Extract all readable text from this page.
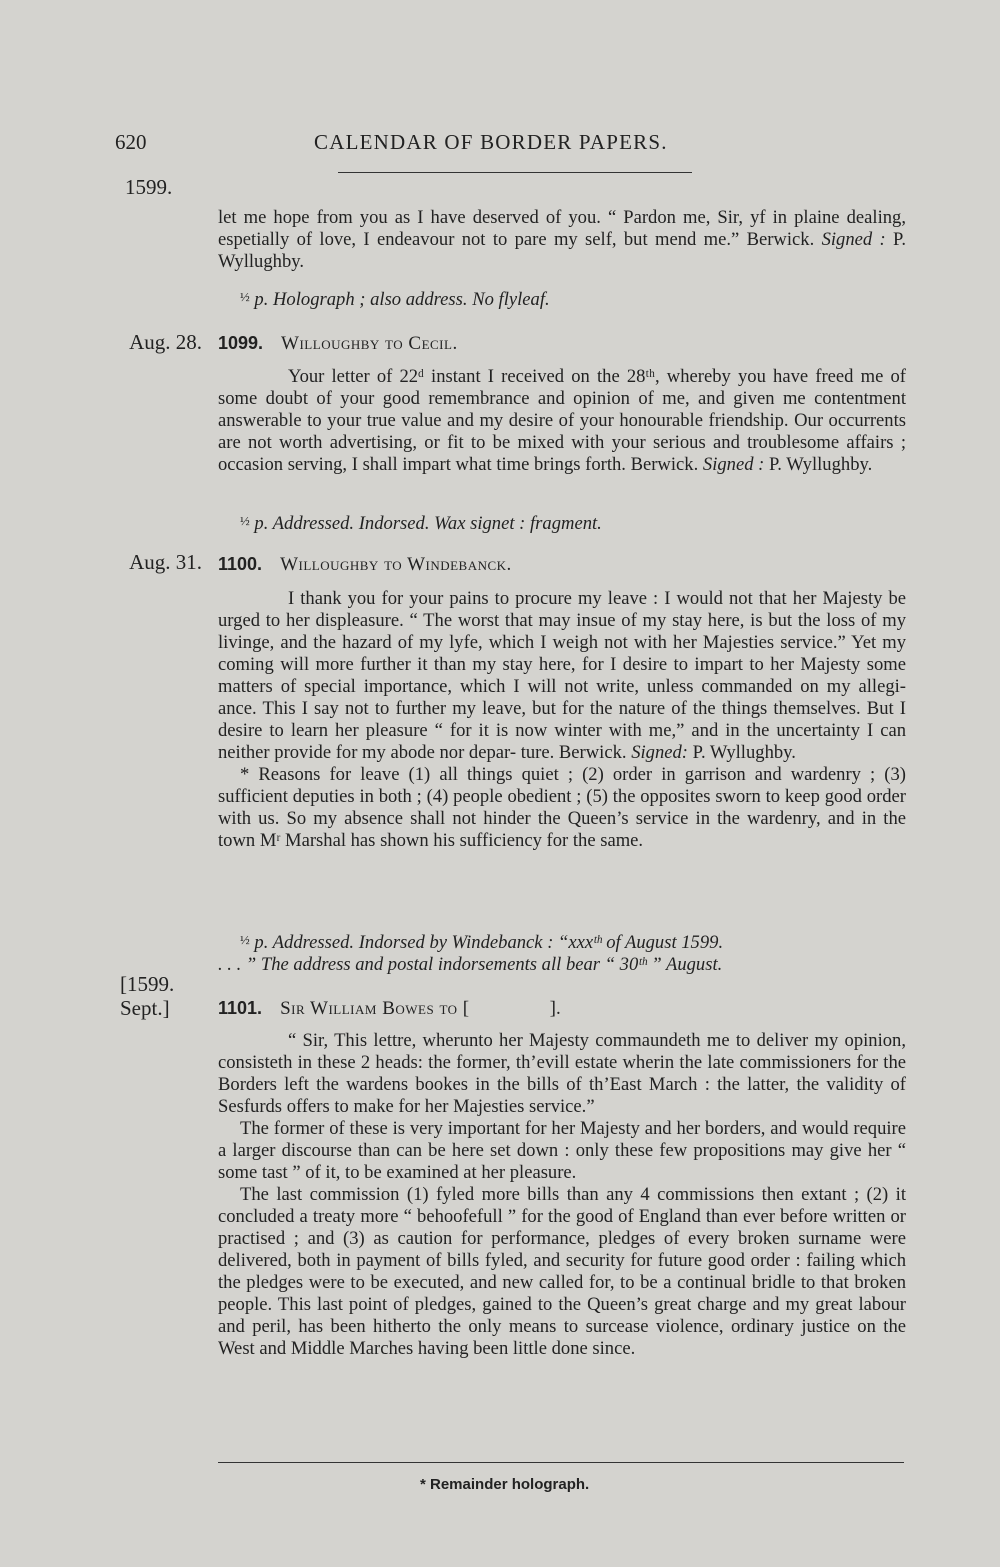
620	CALENDAR OF BORDER PAPERS.
1599.

let me hope from you as I have deserved of you. “ Pardon me, Sir, yf in plaine dealing, espetially of love, I endeavour not to pare my self, but mend me.” Berwick. Signed : P. Wyllughby.

$^{\frac{1}{2}}$ p. Holograph ; also address. No flyleaf.

Aug. 28. 1099. Willoughby to Cecil.

Your letter of 22ᵈ instant I received on the 28ᵗʰ, whereby you have freed me of some doubt of your good remembrance and opinion of me, and given me contentment answerable to your true value and my desire of your honourable friendship. Our occurrents are not worth advertising, or fit to be mixed with your serious and troublesome affairs ; occasion serving, I shall impart what time brings forth. Berwick. Signed : P. Wyllughby.

$^{\frac{1}{2}}$ p. Addressed. Indorsed. Wax signet : fragment.

Aug. 31. 1100. Willoughby to Windebanck.

I thank you for your pains to procure my leave : I would not that her Majesty be urged to her displeasure. “ The worst that may insue of my stay here, is but the loss of my livinge, and the hazard of my lyfe, which I weigh not with her Majesties service.” Yet my coming will more further it than my stay here, for I desire to impart to her Majesty some matters of special importance, which I will not write, unless commanded on my allegi- ance. This I say not to further my leave, but for the nature of the things themselves. But I desire to learn her pleasure “ for it is now winter with me,” and in the uncertainty I can neither provide for my abode nor depar- ture. Berwick. Signed: P. Wyllughby.

* Reasons for leave (1) all things quiet ; (2) order in garrison and wardenry ; (3) sufficient deputies in both ; (4) people obedient ; (5) the opposites sworn to keep good order with us. So my absence shall not hinder the Queen’s service in the wardenry, and in the town Mʳ Marshal has shown his sufficiency for the same.

$^{\frac{1}{2}}$ p. Addressed. Indorsed by Windebanck : “xxxᵗʰ of August 1599.

. . . ” The address and postal indorsements all bear “ 30ᵗʰ ” August.

[1599.
Sept.]	1101. Sir William Bowes to [	].

“ Sir, This lettre, wherunto her Majesty commaundeth me to deliver my opinion, consisteth in these 2 heads: the former, th’evill estate wherin the late commissioners for the Borders left the wardens bookes in the bills of th’East March : the latter, the validity of Sesfurds offers to make for her Majesties service.”

The former of these is very important for her Majesty and her borders, and would require a larger discourse than can be here set down : only these few propositions may give her “ some tast ” of it, to be examined at her pleasure.

The last commission (1) fyled more bills than any 4 commissions then extant ; (2) it concluded a treaty more “ behoofefull ” for the good of England than ever before written or practised ; and (3) as caution for performance, pledges of every broken surname were delivered, both in payment of bills fyled, and security for future good order : failing which the pledges were to be executed, and new called for, to be a continual bridle to that broken people. This last point of pledges, gained to the Queen’s great charge and my great labour and peril, has been hitherto the only means to surcease violence, ordinary justice on the West and Middle Marches having been little done since.

* Remainder holograph.
